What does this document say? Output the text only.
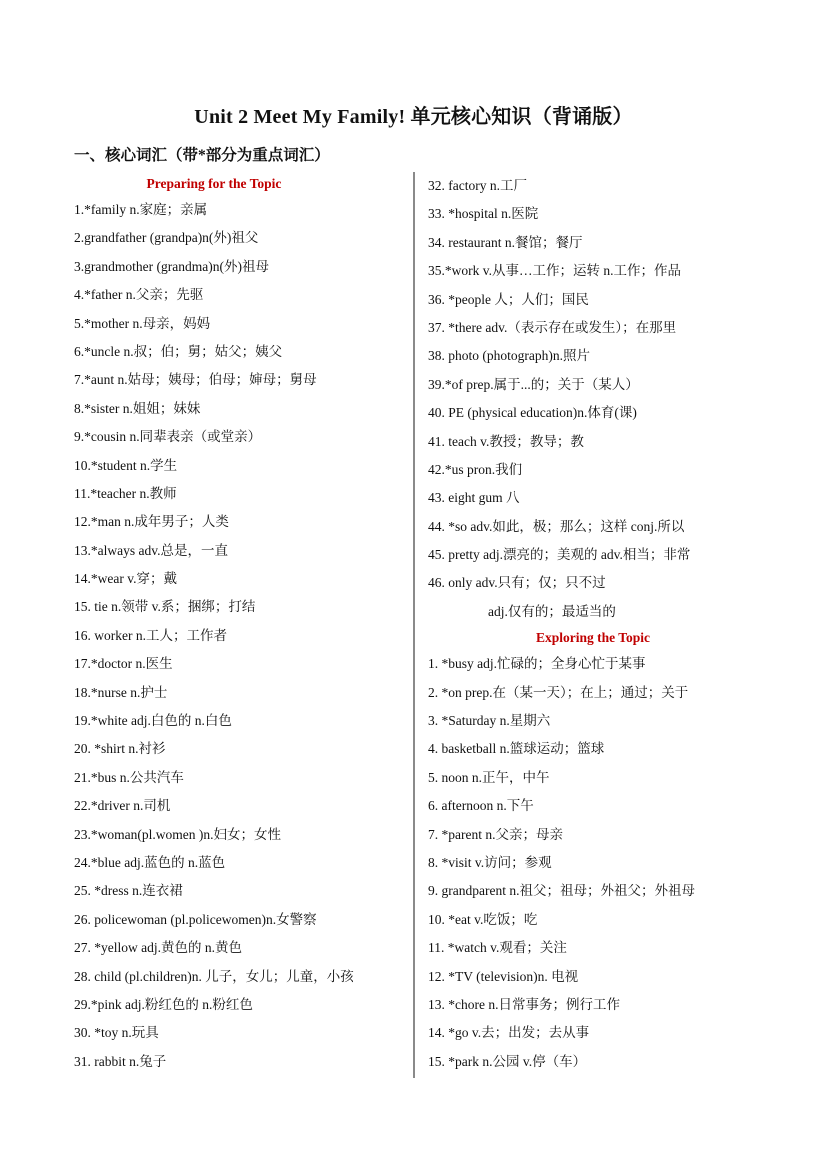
Unit 2 Meet My Family! 单元核心知识（背诵版）
一、核心词汇（带*部分为重点词汇）
Preparing for the Topic
1.*family n.家庭；亲属
2.grandfather (grandpa)n(外)祖父
3.grandmother (grandma)n(外)祖母
4.*father n.父亲；先驱
5.*mother n.母亲，妈妈
6.*uncle n.叔；伯；舅；姑父；姨父
7.*aunt n.姑母；姨母；伯母；婶母；舅母
8.*sister n.姐姐；妹妹
9.*cousin n.同辈表亲（或堂亲）
10.*student n.学生
11.*teacher n.教师
12.*man n.成年男子；人类
13.*always adv.总是，一直
14.*wear v.穿；戴
15. tie n.领带 v.系；捆绑；打结
16. worker n.工人；工作者
17.*doctor n.医生
18.*nurse n.护士
19.*white adj.白色的 n.白色
20. *shirt n.衬衫
21.*bus n.公共汽车
22.*driver n.司机
23.*woman(pl.women )n.妇女；女性
24.*blue adj.蓝色的 n.蓝色
25. *dress n.连衣裙
26. policewoman (pl.policewomen)n.女警察
27. *yellow adj.黄色的 n.黄色
28. child (pl.children)n. 儿子，女儿；儿童，小孩
29.*pink adj.粉红色的 n.粉红色
30. *toy n.玩具
31. rabbit n.兔子
32. factory n.工厂
33. *hospital n.医院
34. restaurant n.餐馆；餐厅
35.*work v.从事…工作；运转 n.工作；作品
36. *people 人；人们；国民
37. *there adv.（表示存在或发生）；在那里
38. photo (photograph)n.照片
39.*of prep.属于...的；关于（某人）
40. PE (physical education)n.体育(课)
41. teach v.教授；教导；教
42.*us pron.我们
43. eight gum 八
44. *so adv.如此，极；那么；这样 conj.所以
45. pretty adj.漂亮的；美观的 adv.相当；非常
46. only adv.只有；仅；只不过
adj.仅有的；最适当的
Exploring the Topic
1. *busy adj.忙碌的；全身心忙于某事
2. *on prep.在（某一天）；在上；通过；关于
3. *Saturday n.星期六
4. basketball n.篮球运动；篮球
5. noon n.正午，中午
6. afternoon n.下午
7. *parent n.父亲；母亲
8. *visit v.访问；参观
9. grandparent n.祖父；祖母；外祖父；外祖母
10. *eat v.吃饭；吃
11. *watch v.观看；关注
12. *TV (television)n. 电视
13. *chore n.日常事务；例行工作
14. *go v.去；出发；去从事
15. *park n.公园 v.停（车）
